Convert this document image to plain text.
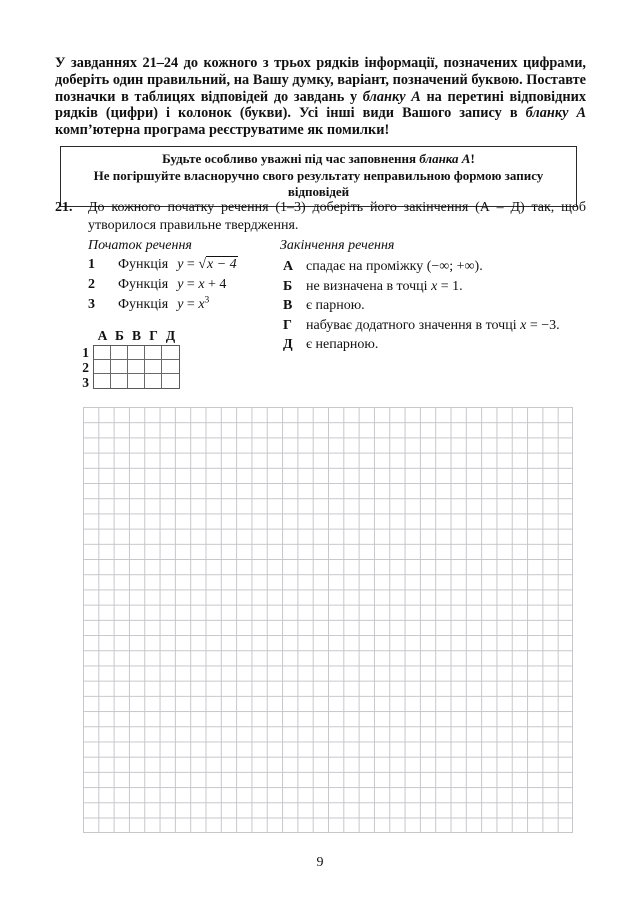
У завданнях 21–24 до кожного з трьох рядків інформації, позначених цифрами, доберіть один правильний, на Вашу думку, варіант, позначений буквою. Поставте позначки в таблицях відповідей до завдань у бланку А на перетині відповідних рядків (цифри) і колонок (букви). Усі інші види Вашого запису в бланку А комп’ютерна програма реєструватиме як помилки!

Будьте особливо уважні під час заповнення бланка А!
Не погіршуйте власноручно свого результату неправильною формою запису відповідей
21.	До кожного початку речення (1–3) доберіть його закінчення (А – Д) так, щоб утворилося правильне твердження.
Початок речення	Закінчення речення
1	Функція y = √x − 4
2	Функція y = x + 4
3	Функція $y = x^3$
А спадає на проміжку (−∞; +∞).
Б не визначена в точці x = 1.
В є парною.
Г	набуває додатного значення в точці x = −3.
Д є непарною.
А Б В Г Д
1
2
3
9
